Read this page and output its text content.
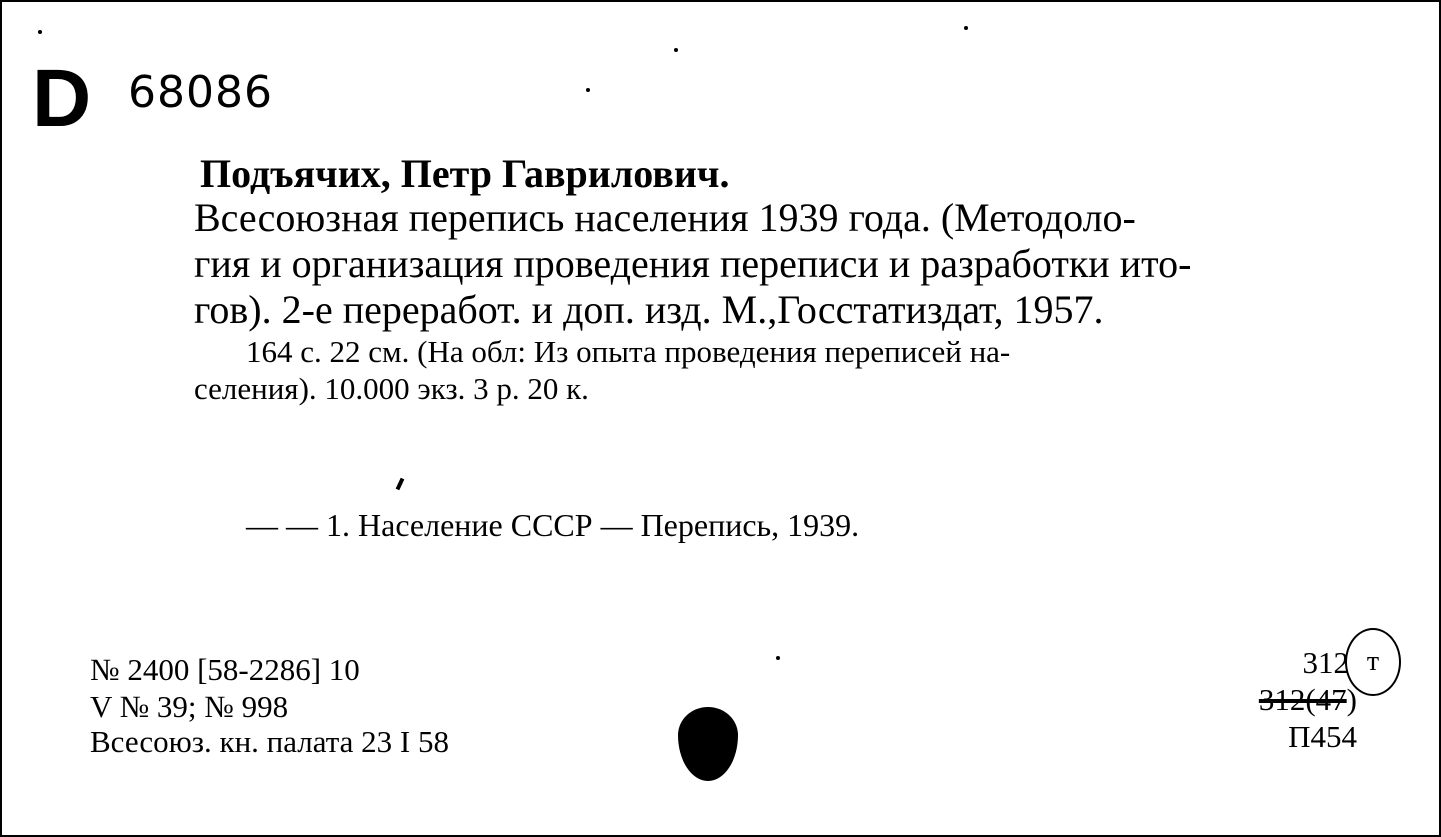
D 68086
Подъячих, Петр Гаврилович.
Всесоюзная перепись населения 1939 года. (Методоло-
гия и организация проведения переписи и разработки ито-
гов). 2-е переработ. и доп. изд. М.,Госстатиздат, 1957.
164 с. 22 см. (На обл: Из опыта проведения переписей на-
селения). 10.000 экз. 3 р. 20 к.
— — 1. Население СССР — Перепись, 1939.
№ 2400 [58-2286] 10
V № 39; № 998
Всесоюз. кн. палата 23 I 58
312 т
312(47)
П454
